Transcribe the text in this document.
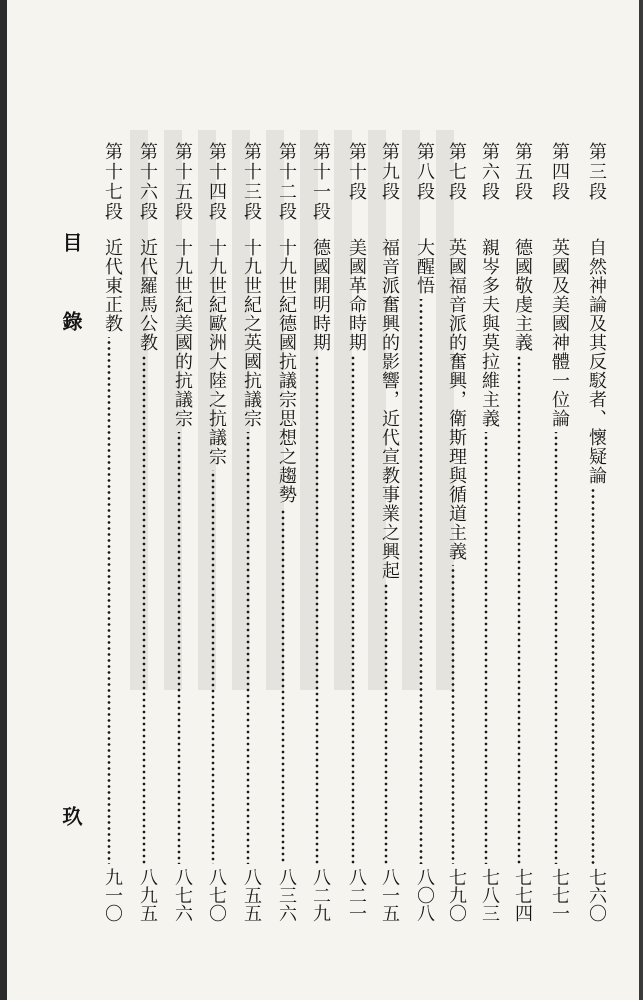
目 錄
玖
第三段
自然神論及其反駁者、懷疑論
七六〇
第四段
英國及美國神體一位論
七七一
第五段
德國敬虔主義
七七四
第六段
親岑多夫與莫拉維主義
七八三
第七段
英國福音派的奮興，衛斯理與循道主義
七九〇
第八段
大醒悟
八〇八
第九段
福音派奮興的影響，近代宣教事業之興起
八一五
第十段
美國革命時期
八二一
第十一段
德國開明時期
八二九
第十二段
十九世紀德國抗議宗思想之趨勢
八三六
第十三段
十九世紀之英國抗議宗
八五五
第十四段
十九世紀歐洲大陸之抗議宗
八七〇
第十五段
十九世紀美國的抗議宗
八七六
第十六段
近代羅馬公教
八九五
第十七段
近代東正教
九一〇
